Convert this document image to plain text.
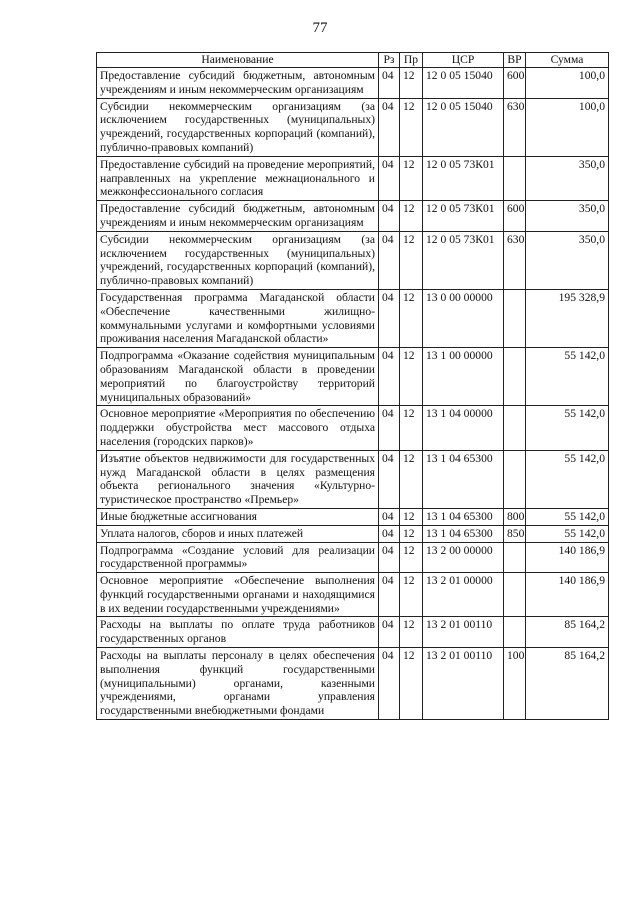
77
Наименование	Рз	Пр	ЦСР	ВР	Сумма
Предоставление субсидий бюджетным, автономным учреждениям и иным некоммерческим организациям	04	12	12 0 05 15040	600	100,0
Субсидии некоммерческим организациям (за исключением государственных (муниципальных) учреждений, государственных корпораций (компаний), публично-правовых компаний)	04	12	12 0 05 15040	630	100,0
Предоставление субсидий на проведение мероприятий, направленных на укрепление межнационального и межконфессионального согласия	04	12	12 0 05 73К01		350,0
Предоставление субсидий бюджетным, автономным учреждениям и иным некоммерческим организациям	04	12	12 0 05 73К01	600	350,0
Субсидии некоммерческим организациям (за исключением государственных (муниципальных) учреждений, государственных корпораций (компаний), публично-правовых компаний)	04	12	12 0 05 73К01	630	350,0
Государственная программа Магаданской области «Обеспечение качественными жилищно-коммунальными услугами и комфортными условиями проживания населения Магаданской области»	04	12	13 0 00 00000		195 328,9
Подпрограмма «Оказание содействия муниципальным образованиям Магаданской области в проведении мероприятий по благоустройству территорий муниципальных образований»	04	12	13 1 00 00000		55 142,0
Основное мероприятие «Мероприятия по обеспечению поддержки обустройства мест массового отдыха населения (городских парков)»	04	12	13 1 04 00000		55 142,0
Изъятие объектов недвижимости для государственных нужд Магаданской области в целях размещения объекта регионального значения «Культурно-туристическое пространство «Премьер»	04	12	13 1 04 65300		55 142,0
Иные бюджетные ассигнования	04	12	13 1 04 65300	800	55 142,0
Уплата налогов, сборов и иных платежей	04	12	13 1 04 65300	850	55 142,0
Подпрограмма «Создание условий для реализации государственной программы»	04	12	13 2 00 00000		140 186,9
Основное мероприятие «Обеспечение выполнения функций государственными органами и находящимися в их ведении государственными учреждениями»	04	12	13 2 01 00000		140 186,9
Расходы на выплаты по оплате труда работников государственных органов	04	12	13 2 01 00110		85 164,2
Расходы на выплаты персоналу в целях обеспечения выполнения функций государственными (муниципальными) органами, казенными учреждениями, органами управления государственными внебюджетными фондами	04	12	13 2 01 00110	100	85 164,2
